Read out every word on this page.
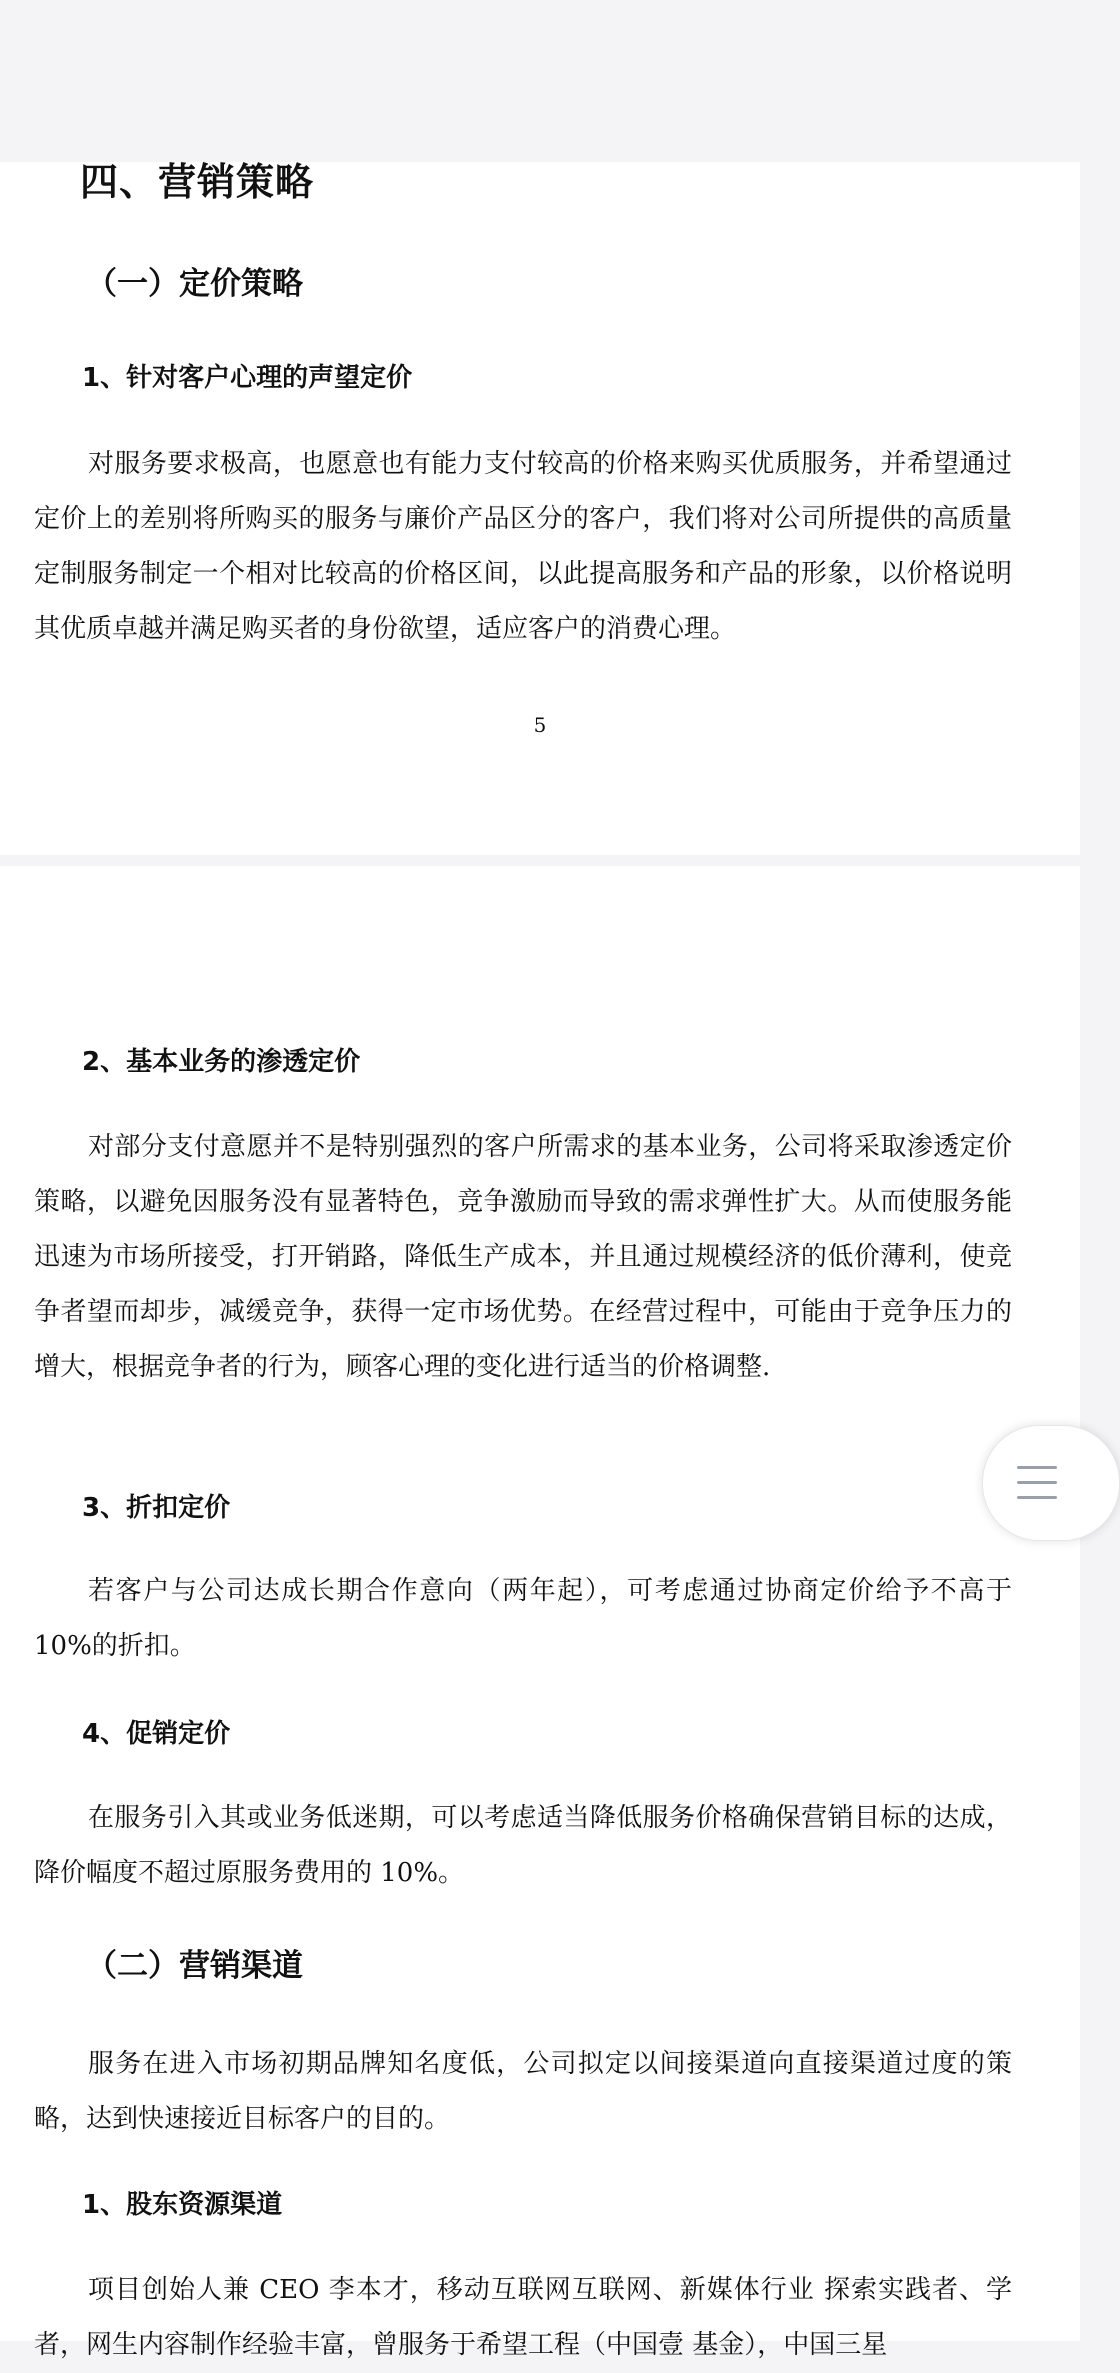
四、营销策略
（一）定价策略
1、针对客户心理的声望定价

对服务要求极高，也愿意也有能力支付较高的价格来购买优质服务，并希望通过定价上的差别将所购买的服务与廉价产品区分的客户，我们将对公司所提供的高质量定制服务制定一个相对比较高的价格区间，以此提高服务和产品的形象，以价格说明其优质卓越并满足购买者的身份欲望，适应客户的消费心理。

5
2、基本业务的渗透定价

对部分支付意愿并不是特别强烈的客户所需求的基本业务，公司将采取渗透定价策略，以避免因服务没有显著特色，竞争激励而导致的需求弹性扩大。从而使服务能迅速为市场所接受，打开销路，降低生产成本，并且通过规模经济的低价薄利，使竞争者望而却步，减缓竞争，获得一定市场优势。在经营过程中，可能由于竞争压力的增大，根据竞争者的行为，顾客心理的变化进行适当的价格调整.

3、折扣定价

若客户与公司达成长期合作意向（两年起），可考虑通过协商定价给予不高于 10%的折扣。

4、促销定价

在服务引入其或业务低迷期，可以考虑适当降低服务价格确保营销目标的达成，降价幅度不超过原服务费用的 10%。

（二）营销渠道

服务在进入市场初期品牌知名度低，公司拟定以间接渠道向直接渠道过度的策略，达到快速接近目标客户的目的。

1、股东资源渠道

项目创始人兼 CEO 李本才，移动互联网互联网、新媒体行业 探索实践者、学者，网生内容制作经验丰富，曾服务于希望工程（中国壹 基金），中国三星
